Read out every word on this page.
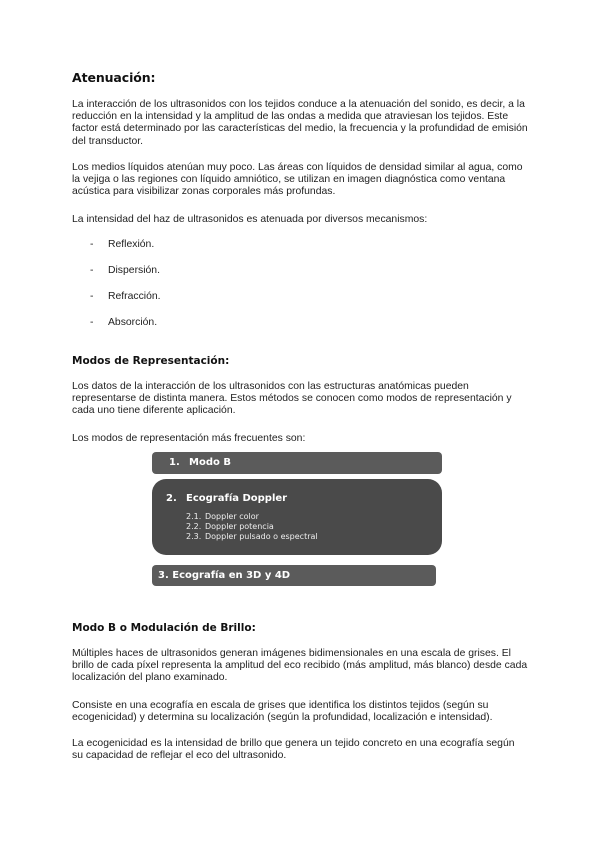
Atenuación:

La interacción de los ultrasonidos con los tejidos conduce a la atenuación del sonido, es decir, a la reducción en la intensidad y la amplitud de las ondas a medida que atraviesan los tejidos. Este factor está determinado por las características del medio, la frecuencia y la profundidad de emisión del transductor.

Los medios líquidos atenúan muy poco. Las áreas con líquidos de densidad similar al agua, como la vejiga o las regiones con líquido amniótico, se utilizan en imagen diagnóstica como ventana acústica para visibilizar zonas corporales más profundas.

La intensidad del haz de ultrasonidos es atenuada por diversos mecanismos:

- Reflexión.
- Dispersión.
- Refracción.
- Absorción.
Modos de Representación:

Los datos de la interacción de los ultrasonidos con las estructuras anatómicas pueden representarse de distinta manera. Estos métodos se conocen como modos de representación y cada uno tiene diferente aplicación.

Los modos de representación más frecuentes son:

1. Modo B
2. Ecografía Doppler
2.1. Doppler color
2.2. Doppler potencia
2.3. Doppler pulsado o espectral
3. Ecografía en 3D y 4D
Modo B o Modulación de Brillo:

Múltiples haces de ultrasonidos generan imágenes bidimensionales en una escala de grises. El brillo de cada píxel representa la amplitud del eco recibido (más amplitud, más blanco) desde cada localización del plano examinado.

Consiste en una ecografía en escala de grises que identifica los distintos tejidos (según su ecogenicidad) y determina su localización (según la profundidad, localización e intensidad).

La ecogenicidad es la intensidad de brillo que genera un tejido concreto en una ecografía según su capacidad de reflejar el eco del ultrasonido.
